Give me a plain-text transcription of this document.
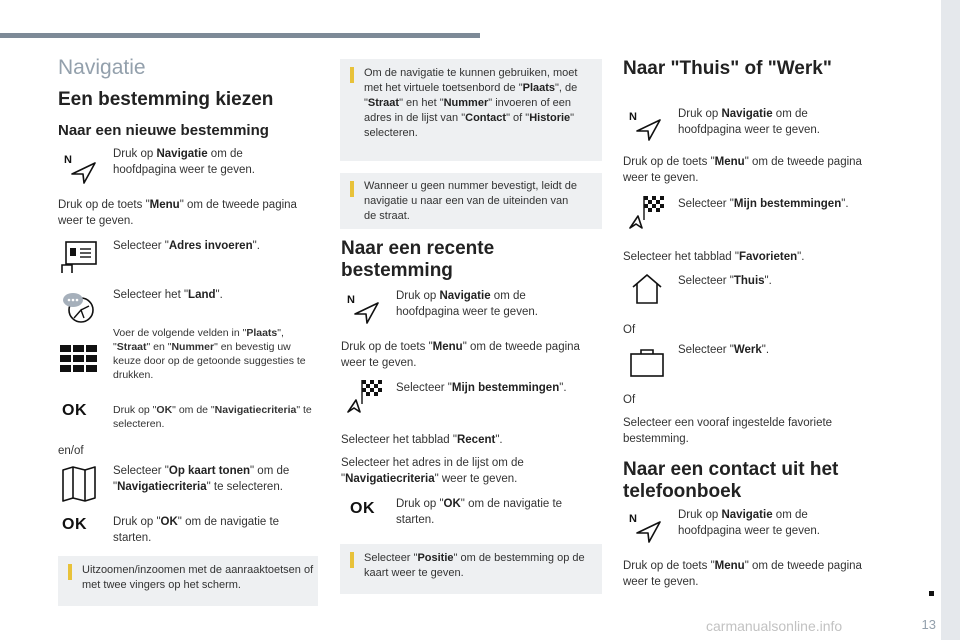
Navigatie
Een bestemming kiezen
Naar een nieuwe bestemming
N	Druk op Navigatie om de hoofdpagina weer te geven.
Druk op de toets "Menu" om de tweede pagina weer te geven.
Selecteer "Adres invoeren".
Selecteer het "Land".
Voer de volgende velden in "Plaats", "Straat" en "Nummer" en bevestig uw keuze door op de getoonde suggesties te drukken.
OK Druk op "OK" om de "Navigatiecriteria" te selecteren.
en/of
Selecteer "Op kaart tonen" om de "Navigatiecriteria" te selecteren.
OK Druk op "OK" om de navigatie te starten.
Uitzoomen/inzoomen met de aanraaktoetsen of met twee vingers op het scherm.
Om de navigatie te kunnen gebruiken, moet met het virtuele toetsenbord de "Plaats", de "Straat" en het "Nummer" invoeren of een adres in de lijst van "Contact" of "Historie" selecteren.
Wanneer u geen nummer bevestigt, leidt de navigatie u naar een van de uiteinden van de straat.
Naar een recente bestemming
N	Druk op Navigatie om de hoofdpagina weer te geven.
Druk op de toets "Menu" om de tweede pagina weer te geven.
Selecteer "Mijn bestemmingen".
Selecteer het tabblad "Recent".
Selecteer het adres in de lijst om de "Navigatiecriteria" weer te geven.
OK Druk op "OK" om de navigatie te starten.
Selecteer "Positie" om de bestemming op de kaart weer te geven.
Naar "Thuis" of "Werk"
N	Druk op Navigatie om de hoofdpagina weer te geven.
Druk op de toets "Menu" om de tweede pagina weer te geven.
Selecteer "Mijn bestemmingen".
Selecteer het tabblad "Favorieten".
Selecteer "Thuis".
Of
Selecteer "Werk".
Of
Selecteer een vooraf ingestelde favoriete bestemming.
Naar een contact uit het telefoonboek
N	Druk op Navigatie om de hoofdpagina weer te geven.
Druk op de toets "Menu" om de tweede pagina weer te geven.
13
carmanualsonline.info
